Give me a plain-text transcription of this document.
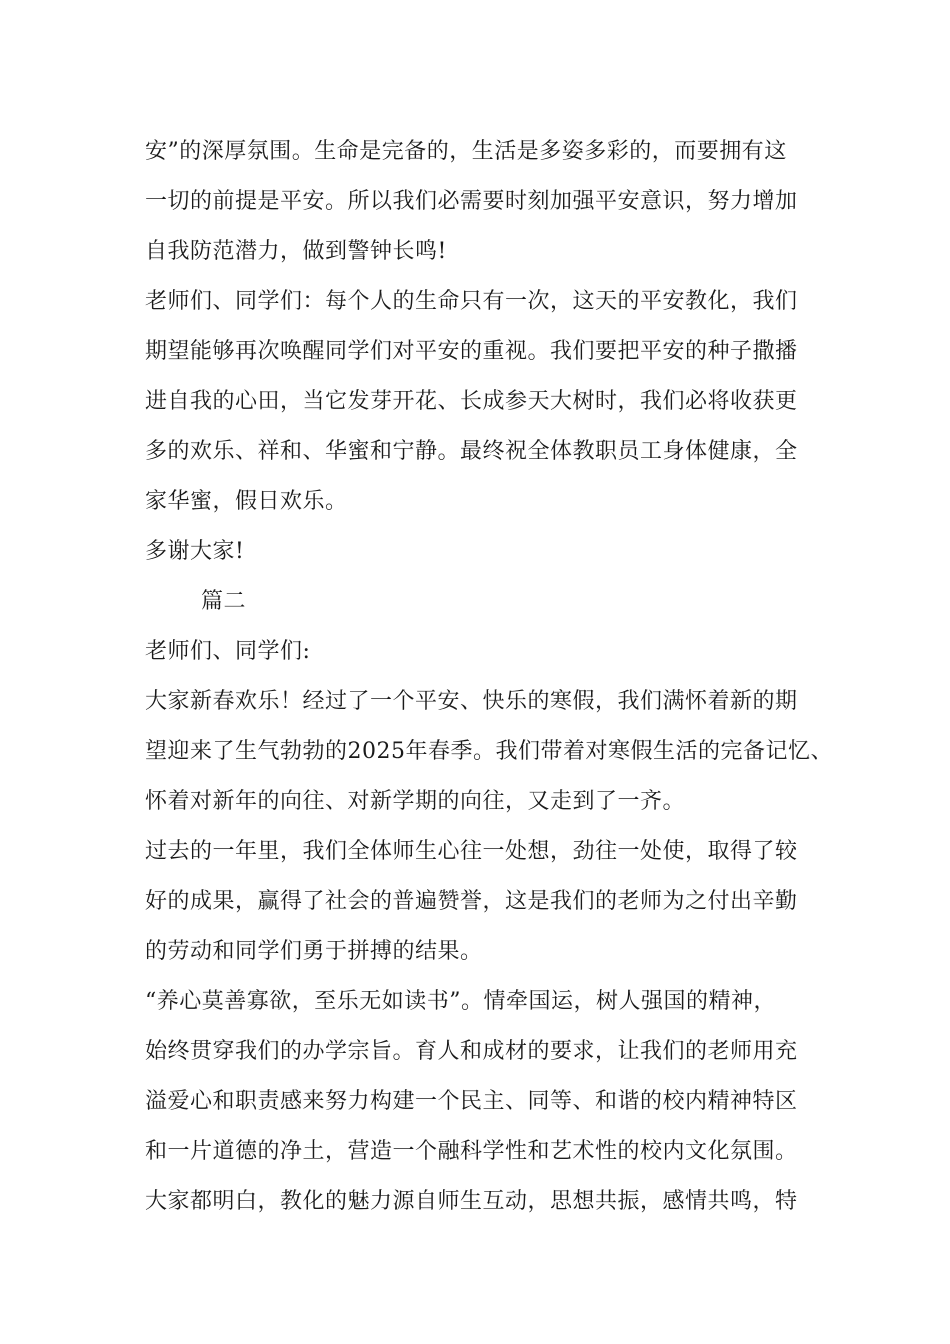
安”的深厚氛围。生命是完备的，生活是多姿多彩的，而要拥有这
一切的前提是平安。所以我们必需要时刻加强平安意识，努力增加
自我防范潜力，做到警钟长鸣!
老师们、同学们：每个人的生命只有一次，这天的平安教化，我们
期望能够再次唤醒同学们对平安的重视。我们要把平安的种子撒播
进自我的心田，当它发芽开花、长成参天大树时，我们必将收获更
多的欢乐、祥和、华蜜和宁静。最终祝全体教职员工身体健康，全
家华蜜，假日欢乐。
多谢大家!
篇二
老师们、同学们:
大家新春欢乐！经过了一个平安、快乐的寒假，我们满怀着新的期
望迎来了生气勃勃的2025年春季。我们带着对寒假生活的完备记忆、
怀着对新年的向往、对新学期的向往，又走到了一齐。
过去的一年里，我们全体师生心往一处想，劲往一处使，取得了较
好的成果，赢得了社会的普遍赞誉，这是我们的老师为之付出辛勤
的劳动和同学们勇于拼搏的结果。
“养心莫善寡欲，至乐无如读书”。情牵国运，树人强国的精神，
始终贯穿我们的办学宗旨。育人和成材的要求，让我们的老师用充
溢爱心和职责感来努力构建一个民主、同等、和谐的校内精神特区
和一片道德的净土，营造一个融科学性和艺术性的校内文化氛围。
大家都明白，教化的魅力源自师生互动，思想共振，感情共鸣，特
